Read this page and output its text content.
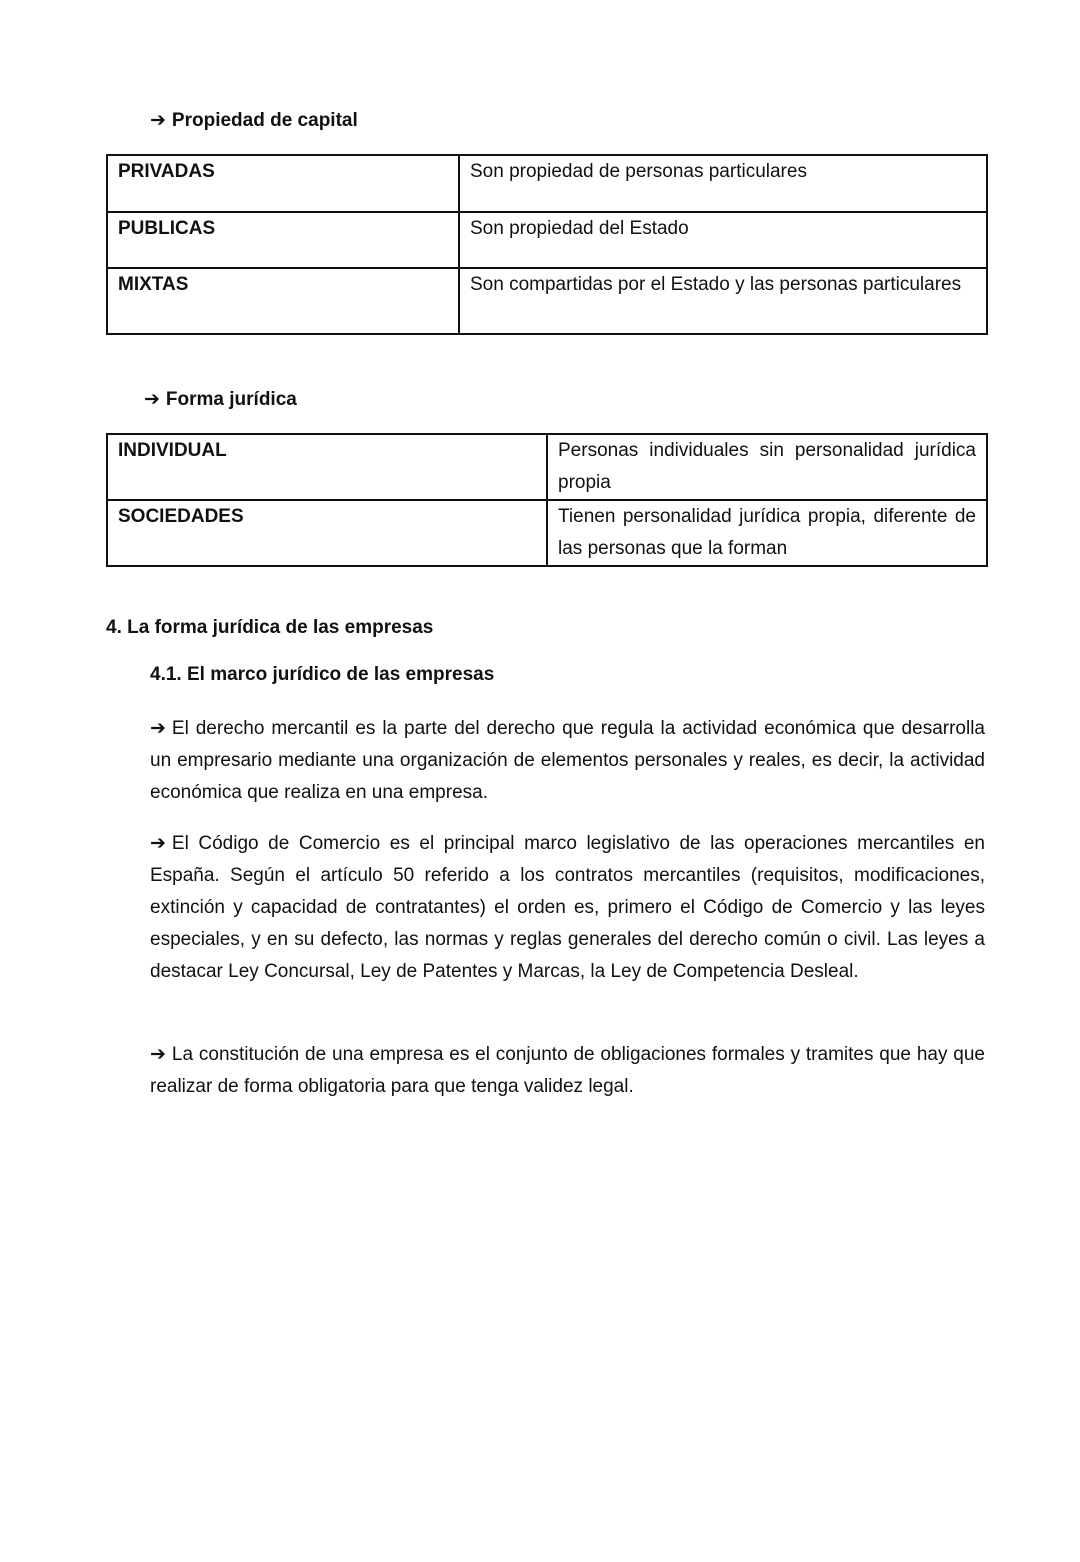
➔ Propiedad de capital
PRIVADAS	Son propiedad de personas particulares
PUBLICAS	Son propiedad del Estado
MIXTAS	Son compartidas por el Estado y las personas particulares
➔ Forma jurídica
INDIVIDUAL	Personas individuales sin personalidad jurídica propia
SOCIEDADES	Tienen personalidad jurídica propia, diferente de las personas que la forman
4. La forma jurídica de las empresas
4.1. El marco jurídico de las empresas
➔ El derecho mercantil es la parte del derecho que regula la actividad económica que desarrolla un empresario mediante una organización de elementos personales y reales, es decir, la actividad económica que realiza en una empresa.
➔ El Código de Comercio es el principal marco legislativo de las operaciones mercantiles en España. Según el artículo 50 referido a los contratos mercantiles (requisitos, modificaciones, extinción y capacidad de contratantes) el orden es, primero el Código de Comercio y las leyes especiales, y en su defecto, las normas y reglas generales del derecho común o civil. Las leyes a destacar Ley Concursal, Ley de Patentes y Marcas, la Ley de Competencia Desleal.
➔ La constitución de una empresa es el conjunto de obligaciones formales y tramites que hay que realizar de forma obligatoria para que tenga validez legal.
